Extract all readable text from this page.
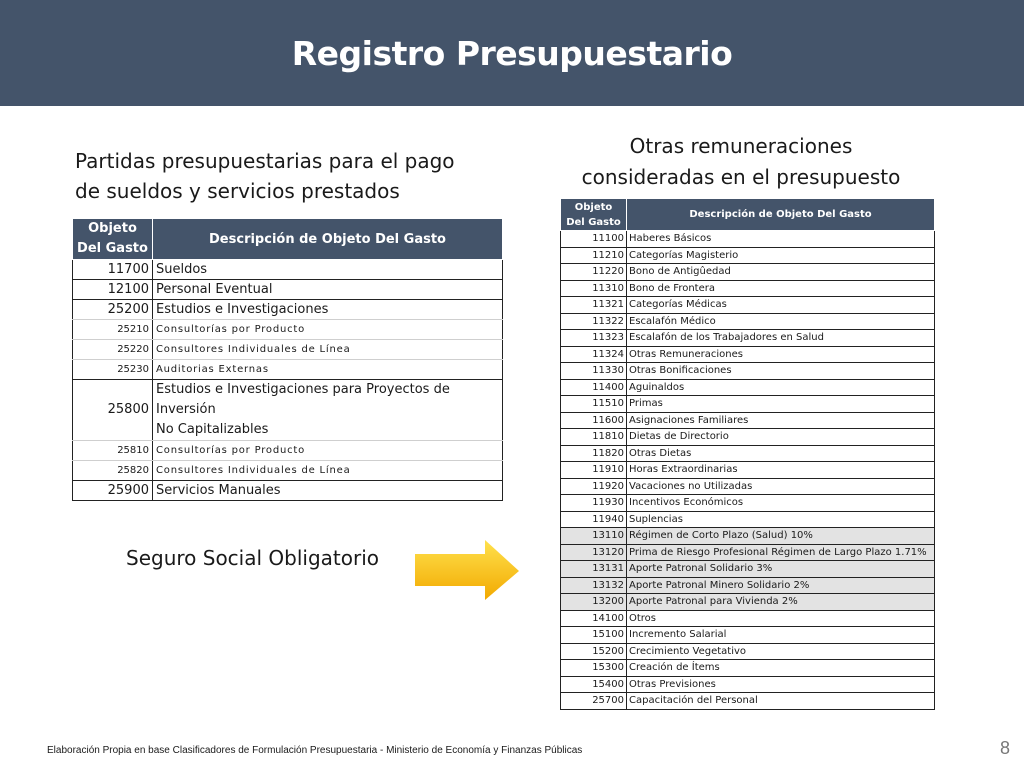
Registro Presupuestario
Partidas presupuestarias para el pago
de sueldos y servicios prestados
Objeto
Del Gasto	Descripción de Objeto Del Gasto
11700	Sueldos
12100	Personal Eventual
25200	Estudios e Investigaciones
25210	Consultorías por Producto
25220	Consultores Individuales de Línea
25230	Auditorias Externas
25800	Estudios e Investigaciones para Proyectos de Inversión
No Capitalizables

25810	Consultorías por Producto
25820	Consultores Individuales de Línea
25900	Servicios Manuales
Otras remuneraciones
consideradas en el presupuesto
Objeto
Del Gasto	Descripción de Objeto Del Gasto
11100	Haberes Básicos
11210	Categorías Magisterio
11220	Bono de Antigûedad
11310	Bono de Frontera
11321	Categorías Médicas
11322	Escalafón Médico
11323	Escalafón de los Trabajadores en Salud
11324	Otras Remuneraciones
11330	Otras Bonificaciones
11400	Aguinaldos
11510	Primas
11600	Asignaciones Familiares
11810	Dietas de Directorio
11820	Otras Dietas
11910	Horas Extraordinarias
11920	Vacaciones no Utilizadas
11930	Incentivos Económicos
11940	Suplencias
13110	Régimen de Corto Plazo (Salud) 10%
13120	Prima de Riesgo Profesional Régimen de Largo Plazo 1.71%
13131	Aporte Patronal Solidario 3%
13132	Aporte Patronal Minero Solidario 2%
13200	Aporte Patronal para Vivienda 2%
14100	Otros
15100	Incremento Salarial
15200	Crecimiento Vegetativo
15300	Creación de Ítems
15400	Otras Previsiones
25700	Capacitación del Personal
Seguro Social Obligatorio
Elaboración Propia en base Clasificadores de Formulación Presupuestaria - Ministerio de Economía y Finanzas Públicas	8
